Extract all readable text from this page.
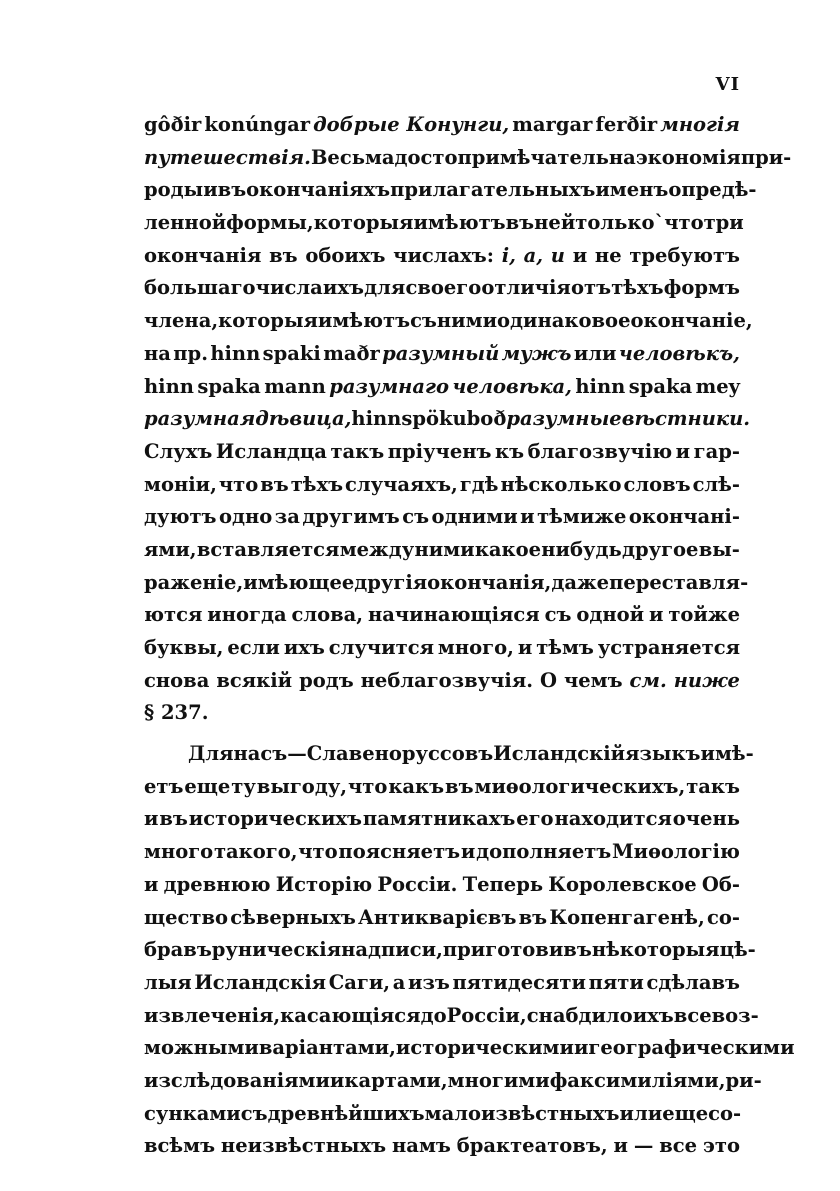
VI
gôðir konúngar добрые Конунги, margar ferðir многія
путешествія. Весьма достопримѣчательна экономія при-
роды и въ окончаніяхъ прилагательныхъ именъ опредѣ-
ленной формы, которыя имѣютъ въ ней только`что три
окончанія въ обоихъ числахъ: i, a, u и не требуютъ
большаго числа ихъ для своего отличія отъ тѣхъ формъ
члена, которыя имѣютъ съ ними одинаковое окончаніе,
на пр. hinn spaki maðr разумный мужъ или человѣкъ,
hinn spaka mann разумнаго человѣка, hinn spaka mey
разумная дѣвица, hinn spöku boð разумные вѣстники.
Слухъ Исландца такъ пріученъ къ благозвучію и гар-
моніи, что въ тѣхъ случаяхъ, гдѣ нѣсколько словъ слѣ-
дуютъ одно за другимъ съ одними и тѣмиже окончані-
ями, вставляется между ними какое нибудь другое вы-
раженіе, имѣющее другія окончанія, даже переставля-
ются иногда слова, начинающіяся съ одной и тойже
буквы, если ихъ случится много, и тѣмъ устраняется
снова всякій родъ неблагозвучія. О чемъ см. ниже
§ 237.
Для насъ — Славеноруссовъ Исландскій языкъ имѣ-
етъ еще ту выгоду, что какъ въ миѳологическихъ, такъ
и въ историческихъ памятникахъ его находится очень
много такого, что поясняетъ и дополняетъ Миѳологію
и древнюю Исторію Россіи. Теперь Королевское Об-
щество сѣверныхъ Антикварієвъ въ Копенгагенѣ, со-
бравъ руническія надписи, приготовивъ нѣкоторыя цѣ-
лыя Исландскія Саги, а изъ пятидесяти пяти сдѣлавъ
извлеченія, касающіяся до Россіи, снабдило ихъ всевоз-
можными варіантами, историческими и географическими
изслѣдованіями и картами, многими факсимиліями, ри-
сунками съ древнѣйшихъ мало извѣстныхъ или еще со-
всѣмъ неизвѣстныхъ намъ брактеатовъ, и — все это
